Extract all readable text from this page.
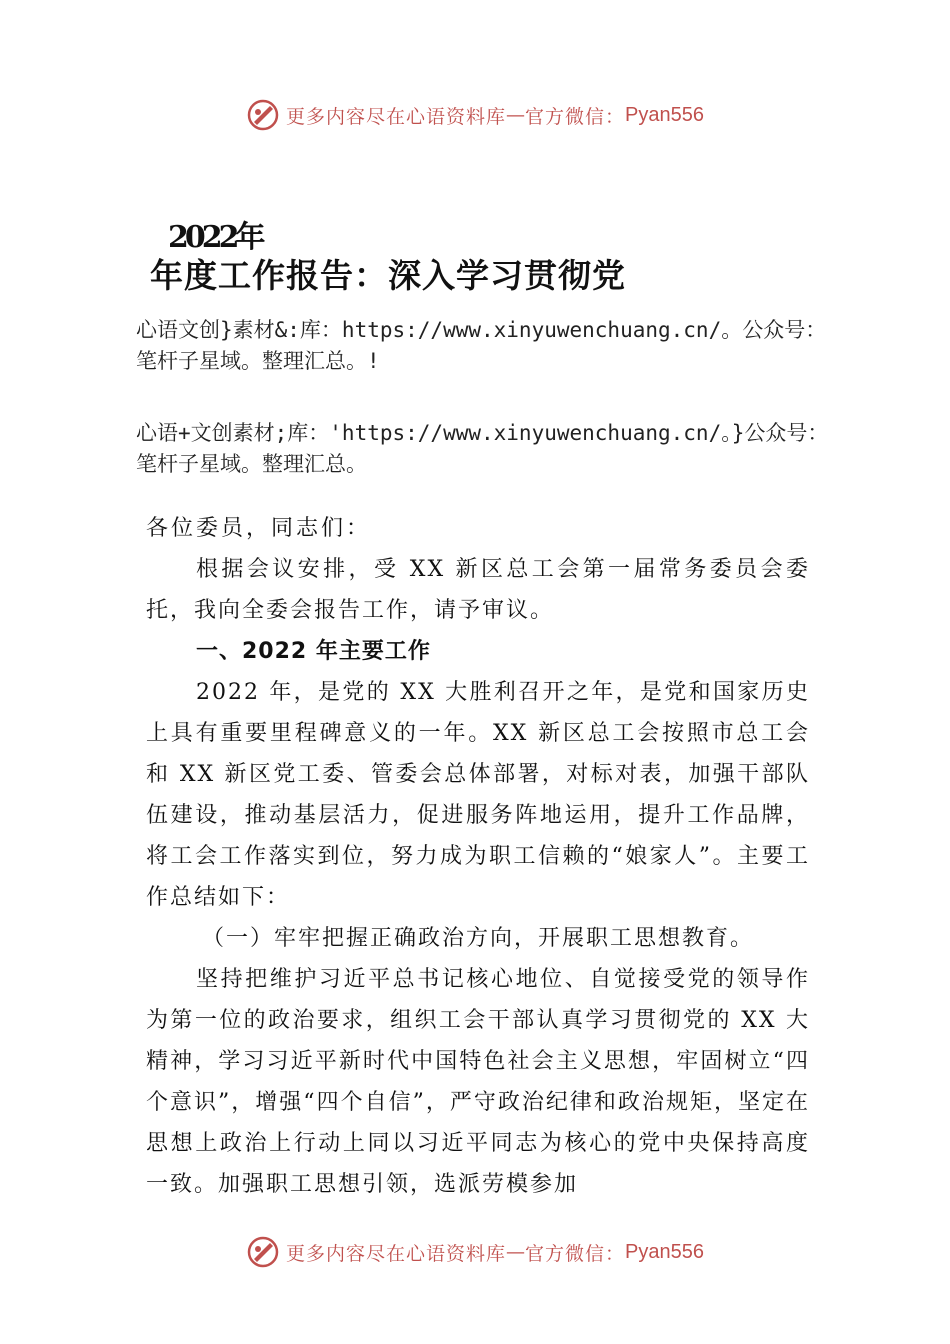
更多内容尽在心语资料库 — 官方微信： Pyan556
2022年
年度工作报告：深入学习贯彻党
心语文创}素材&:库：https://www.xinyuwenchuang.cn/。公众号：笔杆子星域。整理汇总。!
心语+文创素材;库：'https://www.xinyuwenchuang.cn/。}公众号：笔杆子星域。整理汇总。
各位委员，同志们：

根据会议安排，受 XX 新区总工会第一届常务委员会委托，我向全委会报告工作，请予审议。

一、2022 年主要工作

2022 年，是党的 XX 大胜利召开之年，是党和国家历史上具有重要里程碑意义的一年。XX 新区总工会按照市总工会和 XX 新区党工委、管委会总体部署，对标对表，加强干部队伍建设，推动基层活力，促进服务阵地运用，提升工作品牌，将工会工作落实到位，努力成为职工信赖的“娘家人”。主要工作总结如下：

（一）牢牢把握正确政治方向，开展职工思想教育。

坚持把维护习近平总书记核心地位、自觉接受党的领导作为第一位的政治要求，组织工会干部认真学习贯彻党的 XX 大精神，学习习近平新时代中国特色社会主义思想，牢固树立“四个意识”，增强“四个自信”，严守政治纪律和政治规矩，坚定在思想上政治上行动上同以习近平同志为核心的党中央保持高度一致。加强职工思想引领，选派劳模参加

更多内容尽在心语资料库 — 官方微信： Pyan556
